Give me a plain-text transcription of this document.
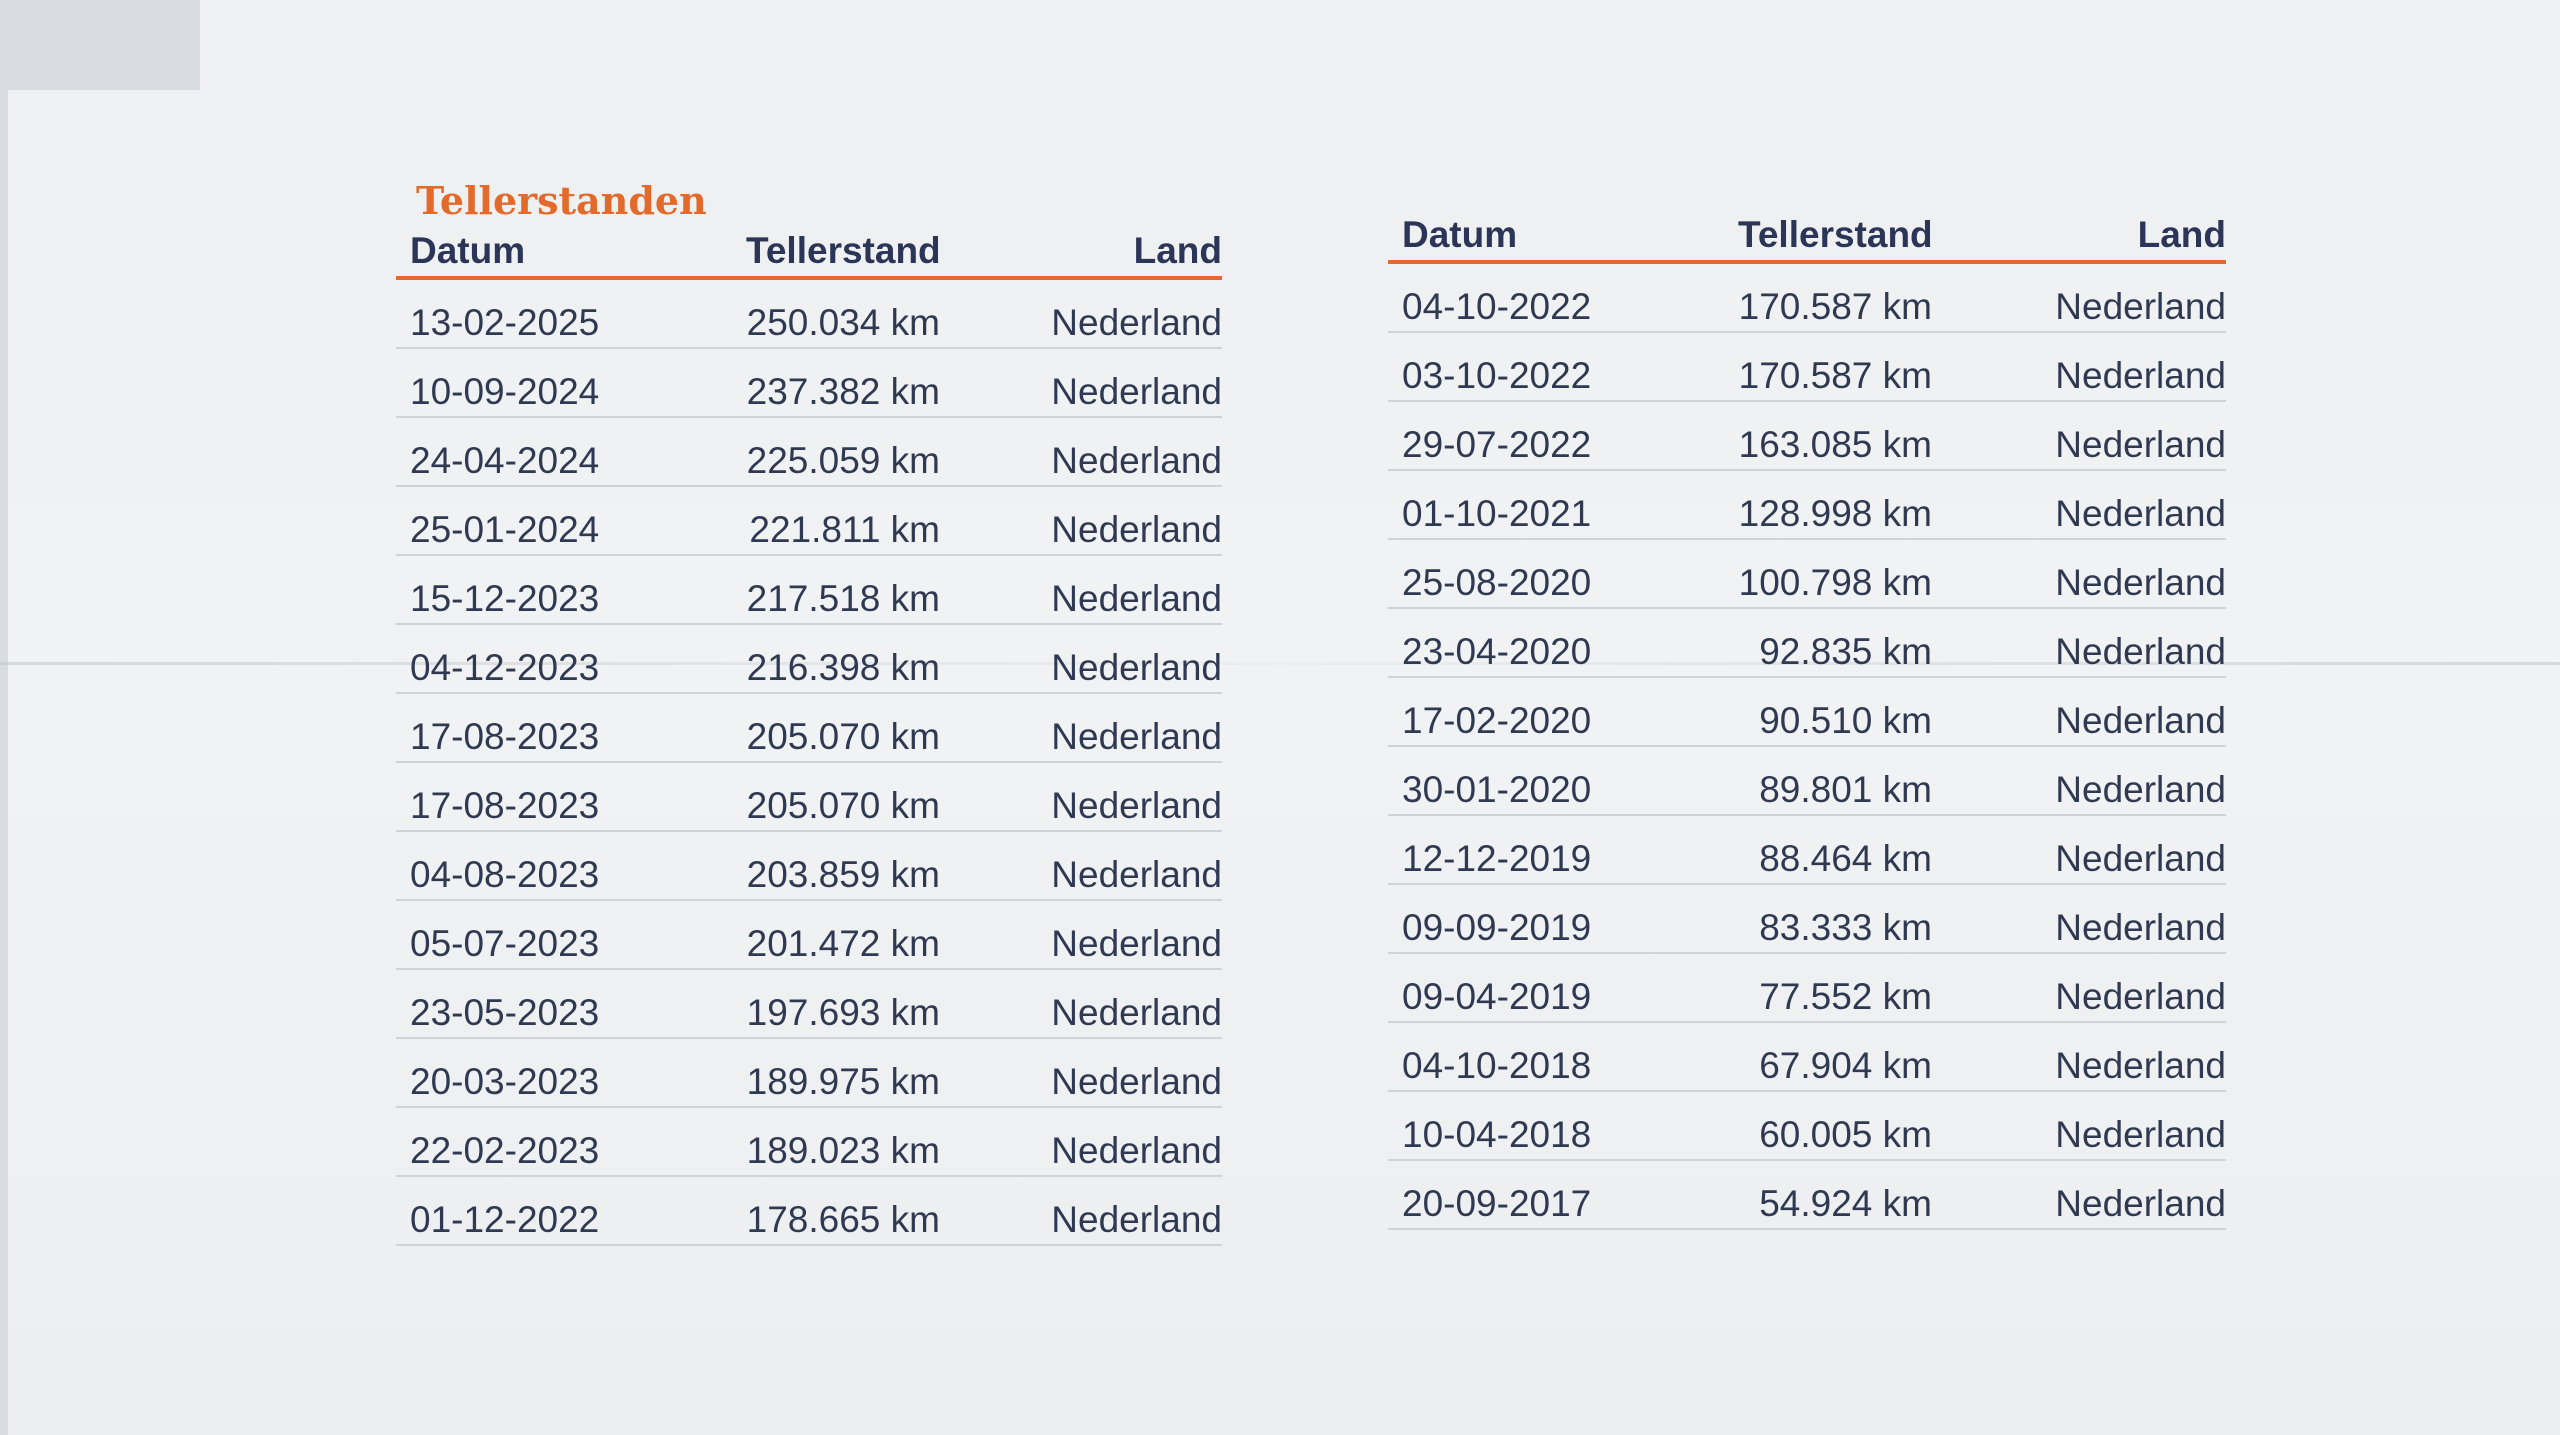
Tellerstanden
Datum	Tellerstand	Land
13-02-2025	250.034 km	Nederland
10-09-2024	237.382 km	Nederland
24-04-2024	225.059 km	Nederland
25-01-2024	221.811 km	Nederland
15-12-2023	217.518 km	Nederland
04-12-2023	216.398 km	Nederland
17-08-2023	205.070 km	Nederland
17-08-2023	205.070 km	Nederland
04-08-2023	203.859 km	Nederland
05-07-2023	201.472 km	Nederland
23-05-2023	197.693 km	Nederland
20-03-2023	189.975 km	Nederland
22-02-2023	189.023 km	Nederland
01-12-2022	178.665 km	Nederland
Datum	Tellerstand	Land
04-10-2022	170.587 km	Nederland
03-10-2022	170.587 km	Nederland
29-07-2022	163.085 km	Nederland
01-10-2021	128.998 km	Nederland
25-08-2020	100.798 km	Nederland
23-04-2020	92.835 km	Nederland
17-02-2020	90.510 km	Nederland
30-01-2020	89.801 km	Nederland
12-12-2019	88.464 km	Nederland
09-09-2019	83.333 km	Nederland
09-04-2019	77.552 km	Nederland
04-10-2018	67.904 km	Nederland
10-04-2018	60.005 km	Nederland
20-09-2017	54.924 km	Nederland
